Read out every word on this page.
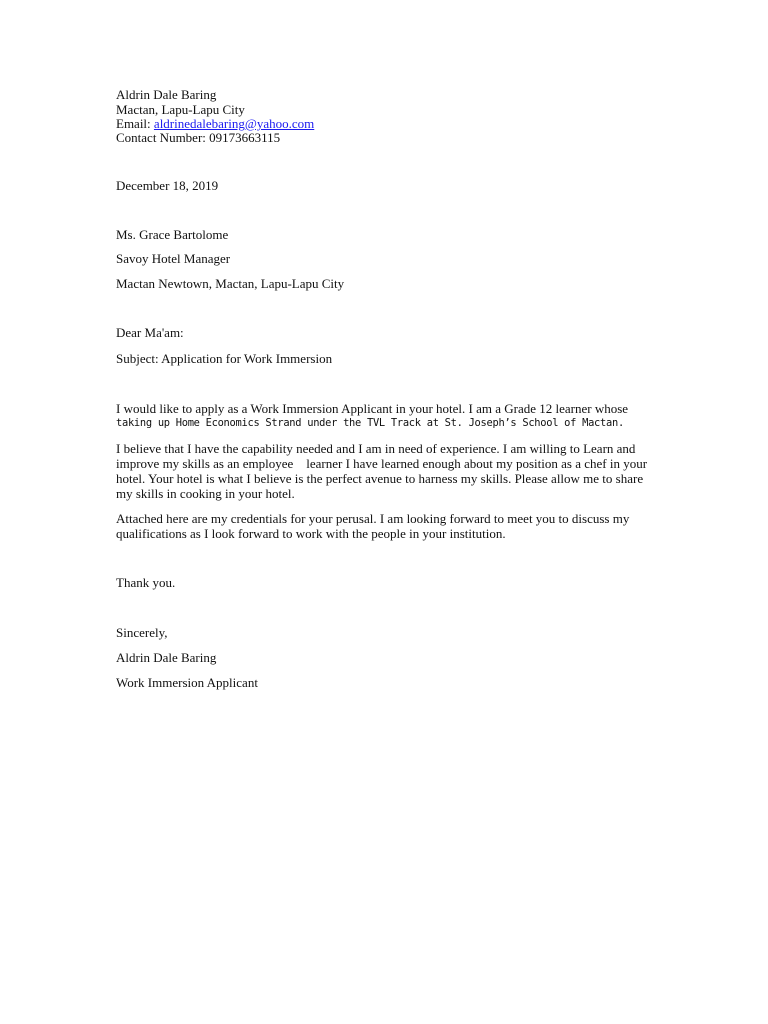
Aldrin Dale Baring

Mactan, Lapu-Lapu City

Email: aldrinedalebaring@yahoo.com

Contact Number: 09173663115

December 18, 2019

Ms. Grace Bartolome

Savoy Hotel Manager

Mactan Newtown, Mactan, Lapu-Lapu City

Dear Ma'am:

Subject: Application for Work Immersion

I would like to apply as a Work Immersion Applicant in your hotel. I am a Grade 12 learner whose

taking up Home Economics Strand under the TVL Track at St. Joseph’s School of Mactan.

I believe that I have the capability needed and I am in need of experience. I am willing to Learn and

improve my skills as an employee    learner I have learned enough about my position as a chef in your

hotel. Your hotel is what I believe is the perfect avenue to harness my skills. Please allow me to share

my skills in cooking in your hotel.

Attached here are my credentials for your perusal. I am looking forward to meet you to discuss my

qualifications as I look forward to work with the people in your institution.

Thank you.

Sincerely,

Aldrin Dale Baring

Work Immersion Applicant
